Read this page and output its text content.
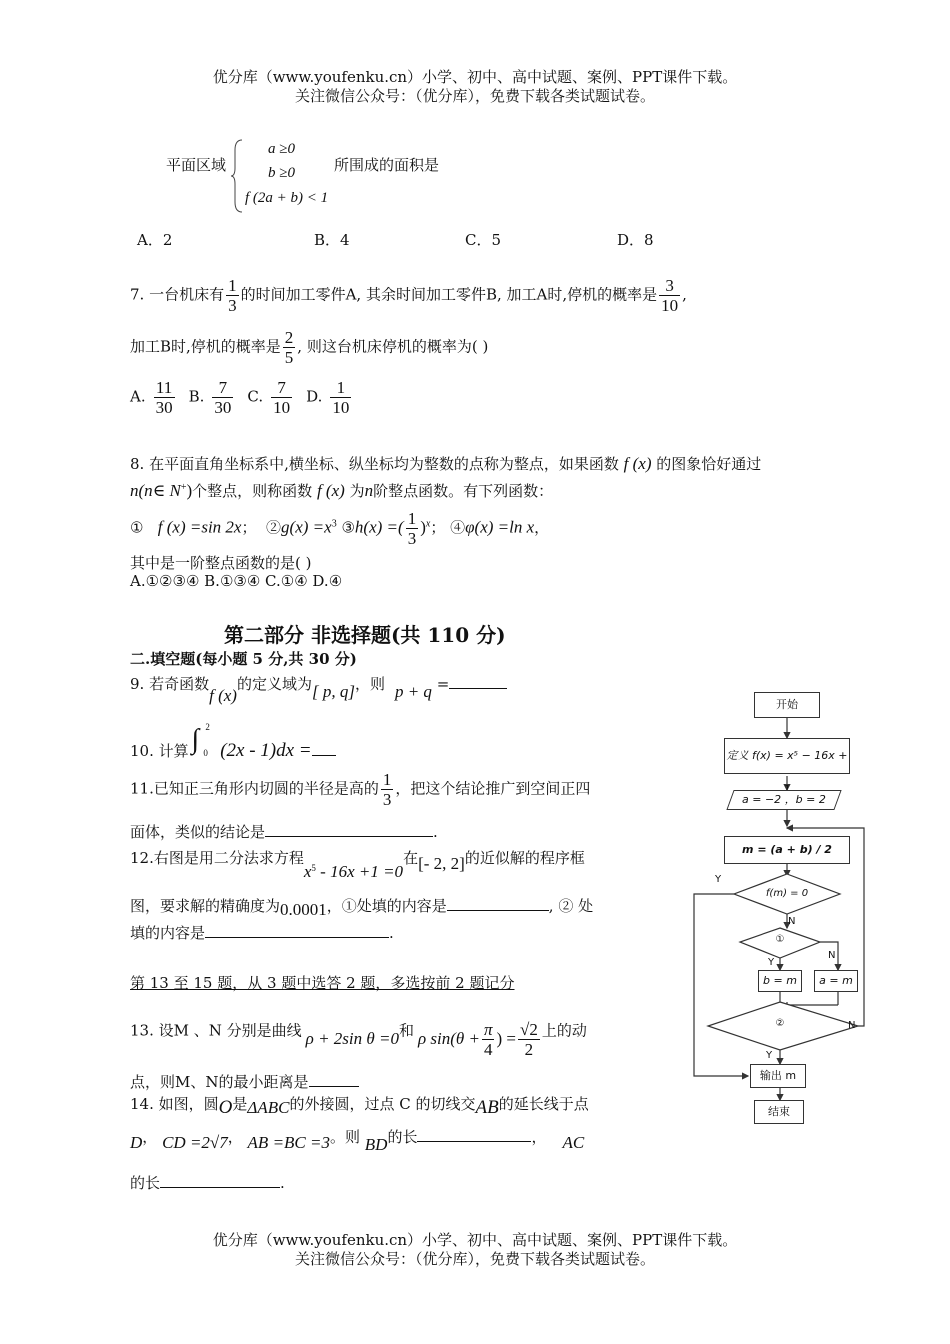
优分库（www.youfenku.cn）小学、初中、高中试题、案例、PPT课件下载。
关注微信公众号：（优分库），免费下载各类试题试卷。
平面区域
a ≥0
b ≥0
f (2a + b) < 1
所围成的面积是
A．2	B．4	C．5	D．8
7. 一台机床有 $\frac{1}{3}$ 的时间加工零件A, 其余时间加工零件B, 加工A时,停机的概率是 $\frac{3}{10}$ ,
加工B时,停机的概率是 $\frac{2}{5}$ , 则这台机床停机的概率为( )
A. $\frac{11}{30} B$. $\frac{7}{30} C$. $\frac{7}{10} D$. $\frac{1}{10}$
8. 在平面直角坐标系中,横坐标、纵坐标均为整数的点称为整点，如果函数 f (x) 的图象恰好通过
n(n∈ N+)个整点，则称函数 f (x) 为n阶整点函数。有下列函数：
① f (x) =sin 2x； ②g(x) $=x^3$ ③h(x) =( $\frac{1}{3} )^x$； ④φ(x) =ln x，
其中是一阶整点函数的是( )
A.①②③④ B.①③④ C.①④ D.④
第二部分 非选择题(共 110 分)
二.填空题(每小题 5 分,共 30 分)
9. 若奇函数f (x)的定义域为[ p, q]，则 p + q =
10. 计算 ∫ 2
0 (2x - 1)dx =
11.已知正三角形内切圆的半径是高的 $\frac{1}{3}$ ，把这个结论推广到空间正四
面体，类似的结论是	.
12.右图是用二分法求方程$x^5 - 16x +1 =0$在[- 2, 2]的近似解的程序框
图，要求解的精确度为0.0001，①处填的内容是	, ② 处
填的内容是	.
第 13 至 15 题，从 3 题中选答 2 题，多选按前 2 题记分
13. 设M 、N 分别是曲线 ρ + 2sin θ =0和 ρ $\sin(\theta + \frac{\pi}{4}$ ) = $\frac{√2}{2}$ 上的动
点，则M、N的最小距离是
14. 如图，圆O是ΔABC的外接圆，过点 C 的切线交AB的延长线于点
D， CD =2√7， AB =BC =3。则 BD的长	， AC
的长	.
开始
定义 f(x) = x⁵ − 16x +
a = −2 ，b = 2
m = (a + b) / 2
f(m) = 0
①
b = m	a = m
②
输出 m
结束
Y
N
Y
N
Y
N
优分库（www.youfenku.cn）小学、初中、高中试题、案例、PPT课件下载。
关注微信公众号：（优分库），免费下载各类试题试卷。
